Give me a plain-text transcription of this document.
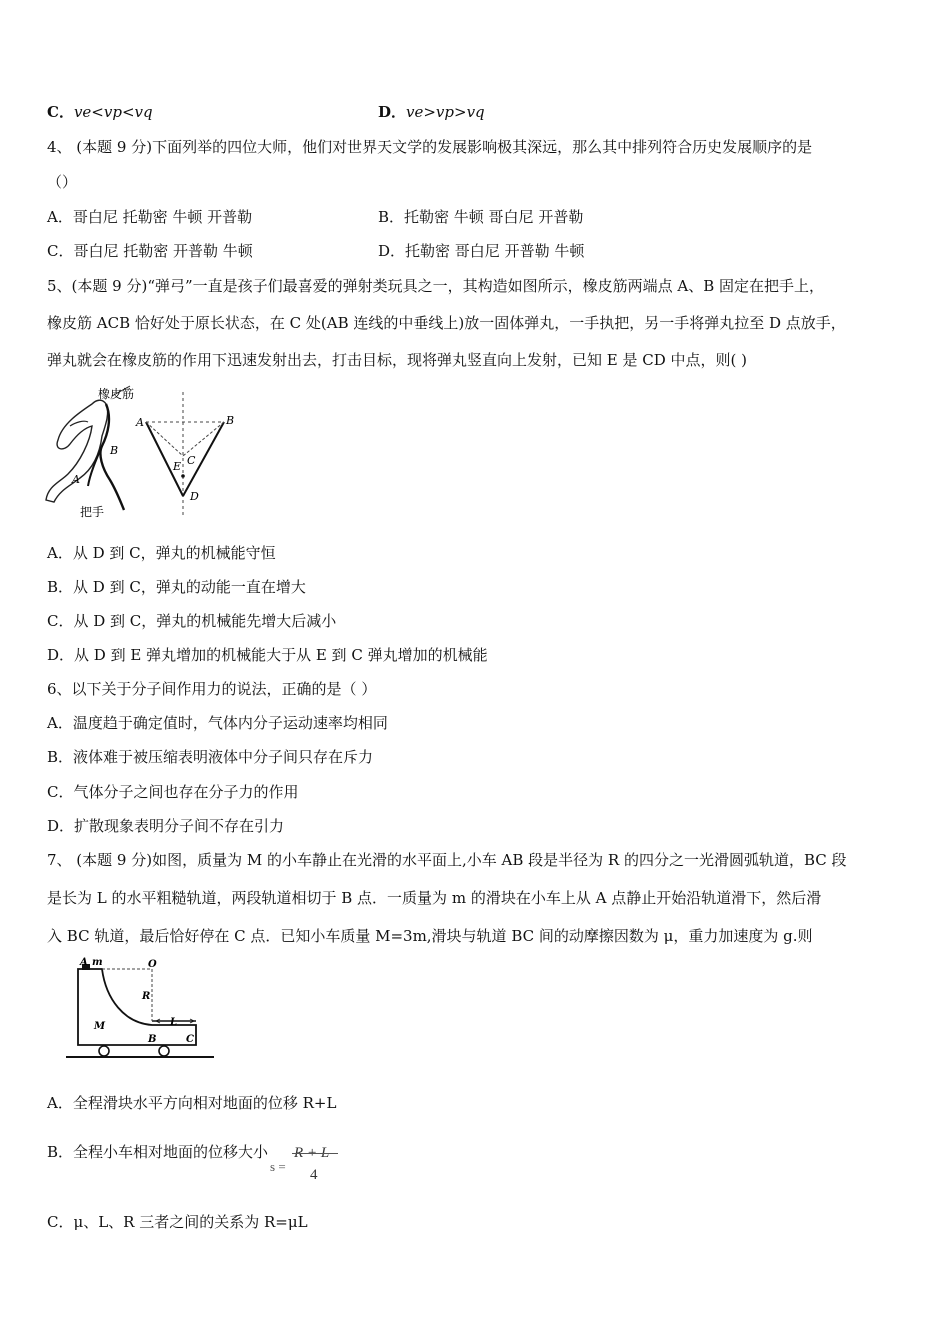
C．ve<vp<vq	D．ve>vp>vq
4、 (本题 9 分)下面列举的四位大师，他们对世界天文学的发展影响极其深远，那么其中排列符合历史发展顺序的是
（）
A．哥白尼 托勒密 牛顿 开普勒	B．托勒密 牛顿 哥白尼 开普勒
C．哥白尼 托勒密 开普勒 牛顿	D．托勒密 哥白尼 开普勒 牛顿
5、(本题 9 分)“弹弓”一直是孩子们最喜爱的弹射类玩具之一，其构造如图所示，橡皮筋两端点 A、B 固定在把手上，
橡皮筋 ACB 恰好处于原长状态，在 C 处(AB 连线的中垂线上)放一固体弹丸，一手执把，另一手将弹丸拉至 D 点放手，
弹丸就会在橡皮筋的作用下迅速发射出去，打击目标，现将弹丸竖直向上发射，已知 E 是 CD 中点，则( )
橡皮筋
B
A
把手
A	B
C
E
D
A．从 D 到 C，弹丸的机械能守恒
B．从 D 到 C，弹丸的动能一直在增大
C．从 D 到 C，弹丸的机械能先增大后减小
D．从 D 到 E 弹丸增加的机械能大于从 E 到 C 弹丸增加的机械能
6、以下关于分子间作用力的说法，正确的是（ ）
A．温度趋于确定值时，气体内分子运动速率均相同
B．液体难于被压缩表明液体中分子间只存在斥力
C．气体分子之间也存在分子力的作用
D．扩散现象表明分子间不存在引力
7、 (本题 9 分)如图，质量为 M 的小车静止在光滑的水平面上,小车 AB 段是半径为 R 的四分之一光滑圆弧轨道，BC 段
是长为 L 的水平粗糙轨道，两段轨道相切于 B 点．一质量为 m 的滑块在小车上从 A 点静止开始沿轨道滑下，然后滑
入 BC 轨道，最后恰好停在 C 点．已知小车质量 M=3m,滑块与轨道 BC 间的动摩擦因数为 μ，重力加速度为 g.则
A m	O
R
M	L
B	C
A．全程滑块水平方向相对地面的位移 R+L
B．全程小车相对地面的位移大小
s =
R + L
4
C．μ、L、R 三者之间的关系为 R=μL
